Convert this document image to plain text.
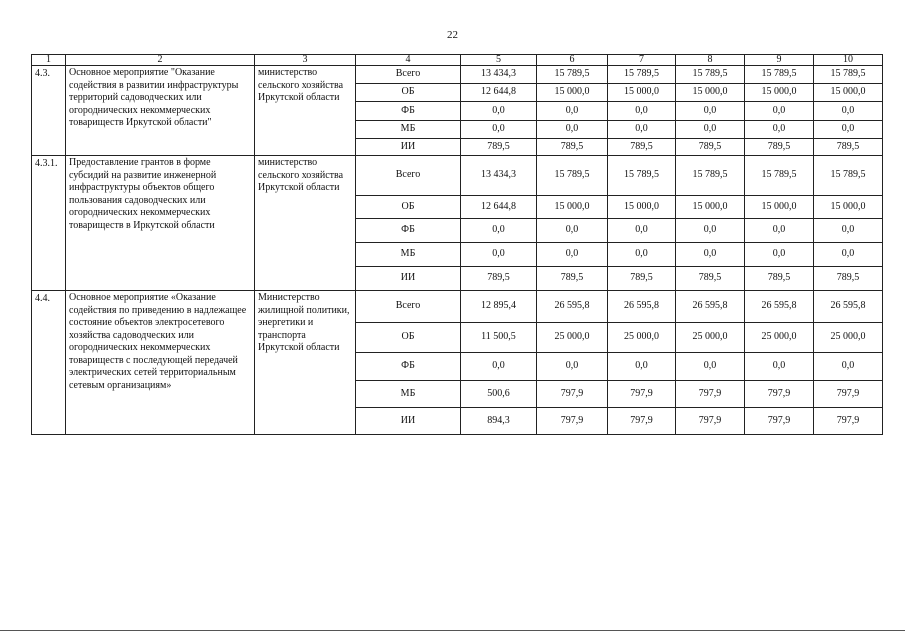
22
1	2	3	4	5	6	7	8	9	10
4.3.	Основное мероприятие "Оказание содействия в развитии инфраструктуры территорий садоводческих или огороднических некоммерческих товариществ Иркутской области"	министерство сельского хозяйства Иркутской области	Всего	13 434,3	15 789,5	15 789,5	15 789,5	15 789,5	15 789,5
			ОБ	12 644,8	15 000,0	15 000,0	15 000,0	15 000,0	15 000,0
			ФБ	0,0	0,0	0,0	0,0	0,0	0,0
			МБ	0,0	0,0	0,0	0,0	0,0	0,0
			ИИ	789,5	789,5	789,5	789,5	789,5	789,5
4.3.1.	Предоставление грантов в форме субсидий на развитие инженерной инфраструктуры объектов общего пользования садоводческих или огороднических некоммерческих товариществ в Иркутской области	министерство сельского хозяйства Иркутской области	Всего	13 434,3	15 789,5	15 789,5	15 789,5	15 789,5	15 789,5
			ОБ	12 644,8	15 000,0	15 000,0	15 000,0	15 000,0	15 000,0
			ФБ	0,0	0,0	0,0	0,0	0,0	0,0
			МБ	0,0	0,0	0,0	0,0	0,0	0,0
			ИИ	789,5	789,5	789,5	789,5	789,5	789,5
4.4.	Основное мероприятие «Оказание содействия по приведению в надлежащее состояние объектов электросетевого хозяйства садоводческих или огороднических некоммерческих товариществ с последующей передачей электрических сетей территориальным сетевым организациям»	Министерство жилищной политики, энергетики и транспорта Иркутской области	Всего	12 895,4	26 595,8	26 595,8	26 595,8	26 595,8	26 595,8
			ОБ	11 500,5	25 000,0	25 000,0	25 000,0	25 000,0	25 000,0
			ФБ	0,0	0,0	0,0	0,0	0,0	0,0
			МБ	500,6	797,9	797,9	797,9	797,9	797,9
			ИИ	894,3	797,9	797,9	797,9	797,9	797,9
